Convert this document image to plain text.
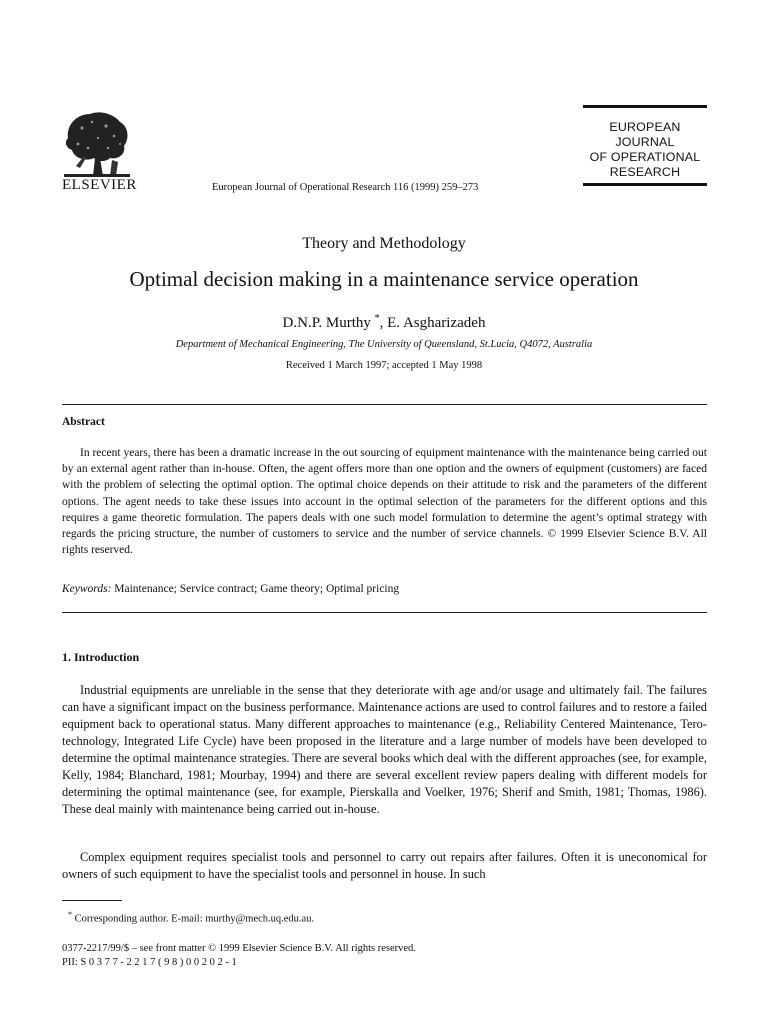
ELSEVIER	European Journal of Operational Research 116 (1999) 259–273
EUROPEAN
JOURNAL
OF OPERATIONAL
RESEARCH
Theory and Methodology
Optimal decision making in a maintenance service operation
D.N.P. Murthy *, E. Asgharizadeh
Department of Mechanical Engineering, The University of Queensland, St.Lucia, Q4072, Australia
Received 1 March 1997; accepted 1 May 1998
Abstract
In recent years, there has been a dramatic increase in the out sourcing of equipment maintenance with the maintenance being carried out by an external agent rather than in-house. Often, the agent offers more than one option and the owners of equipment (customers) are faced with the problem of selecting the optimal option. The optimal choice depends on their attitude to risk and the parameters of the different options. The agent needs to take these issues into account in the optimal selection of the parameters for the different options and this requires a game theoretic formulation. The papers deals with one such model formulation to determine the agent’s optimal strategy with regards the pricing structure, the number of customers to service and the number of service channels. © 1999 Elsevier Science B.V. All rights reserved.
Keywords: Maintenance; Service contract; Game theory; Optimal pricing
1. Introduction
Industrial equipments are unreliable in the sense that they deteriorate with age and/or usage and ultimately fail. The failures can have a significant impact on the business performance. Maintenance actions are used to control failures and to restore a failed equipment back to operational status. Many different approaches to maintenance (e.g., Reliability Centered Maintenance, Tero-technology, Integrated Life Cycle) have been proposed in the literature and a large number of models have been developed to determine the optimal maintenance strategies. There are several books which deal with the different approaches (see, for example, Kelly, 1984; Blanchard, 1981; Mourbay, 1994) and there are several excellent review papers dealing with different models for determining the optimal maintenance (see, for example, Pierskalla and Voelker, 1976; Sherif and Smith, 1981; Thomas, 1986). These deal mainly with maintenance being carried out in-house.
Complex equipment requires specialist tools and personnel to carry out repairs after failures. Often it is uneconomical for owners of such equipment to have the specialist tools and personnel in house. In such
* Corresponding author. E-mail: murthy@mech.uq.edu.au.
0377-2217/99/$ – see front matter © 1999 Elsevier Science B.V. All rights reserved.
PII: S 0 3 7 7 - 2 2 1 7 ( 9 8 ) 0 0 2 0 2 - 1
